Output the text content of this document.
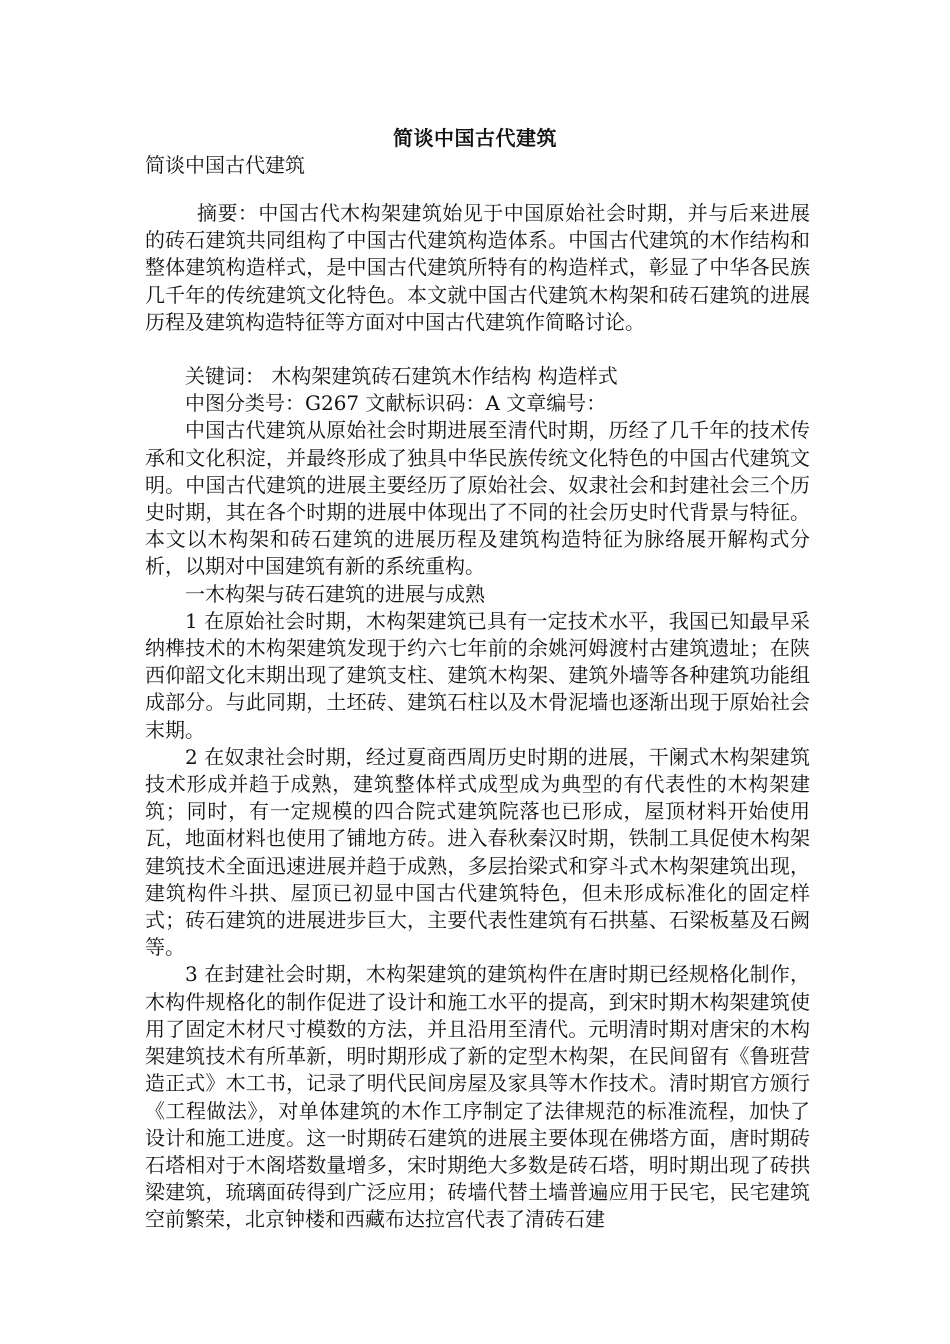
简谈中国古代建筑
简谈中国古代建筑

摘要：中国古代木构架建筑始见于中国原始社会时期，并与后来进展的砖石建筑共同组构了中国古代建筑构造体系。中国古代建筑的木作结构和整体建筑构造样式，是中国古代建筑所特有的构造样式，彰显了中华各民族几千年的传统建筑文化特色。本文就中国古代建筑木构架和砖石建筑的进展历程及建筑构造特征等方面对中国古代建筑作简略讨论。

关键词： 木构架建筑砖石建筑木作结构 构造样式

中图分类号：G267 文献标识码：A 文章编号：

中国古代建筑从原始社会时期进展至清代时期，历经了几千年的技术传承和文化积淀，并最终形成了独具中华民族传统文化特色的中国古代建筑文明。中国古代建筑的进展主要经历了原始社会、奴隶社会和封建社会三个历史时期，其在各个时期的进展中体现出了不同的社会历史时代背景与特征。本文以木构架和砖石建筑的进展历程及建筑构造特征为脉络展开解构式分析，以期对中国建筑有新的系统重构。

一木构架与砖石建筑的进展与成熟

1 在原始社会时期，木构架建筑已具有一定技术水平，我国已知最早采纳榫技术的木构架建筑发现于约六七年前的余姚河姆渡村古建筑遗址；在陕西仰韶文化末期出现了建筑支柱、建筑木构架、建筑外墙等各种建筑功能组成部分。与此同期，土坯砖、建筑石柱以及木骨泥墙也逐渐出现于原始社会末期。

2 在奴隶社会时期，经过夏商西周历史时期的进展，干阑式木构架建筑技术形成并趋于成熟，建筑整体样式成型成为典型的有代表性的木构架建筑；同时，有一定规模的四合院式建筑院落也已形成，屋顶材料开始使用瓦，地面材料也使用了铺地方砖。进入春秋秦汉时期，铁制工具促使木构架建筑技术全面迅速进展并趋于成熟，多层抬梁式和穿斗式木构架建筑出现，建筑构件斗拱、屋顶已初显中国古代建筑特色，但未形成标准化的固定样式；砖石建筑的进展进步巨大，主要代表性建筑有石拱墓、石梁板墓及石阙等。

3 在封建社会时期，木构架建筑的建筑构件在唐时期已经规格化制作，木构件规格化的制作促进了设计和施工水平的提高，到宋时期木构架建筑使用了固定木材尺寸模数的方法，并且沿用至清代。元明清时期对唐宋的木构架建筑技术有所革新，明时期形成了新的定型木构架，在民间留有《鲁班营造正式》木工书，记录了明代民间房屋及家具等木作技术。清时期官方颁行《工程做法》，对单体建筑的木作工序制定了法律规范的标准流程，加快了设计和施工进度。这一时期砖石建筑的进展主要体现在佛塔方面，唐时期砖石塔相对于木阁塔数量增多，宋时期绝大多数是砖石塔，明时期出现了砖拱梁建筑，琉璃面砖得到广泛应用；砖墙代替土墙普遍应用于民宅，民宅建筑空前繁荣，北京钟楼和西藏布达拉宫代表了清砖石建
